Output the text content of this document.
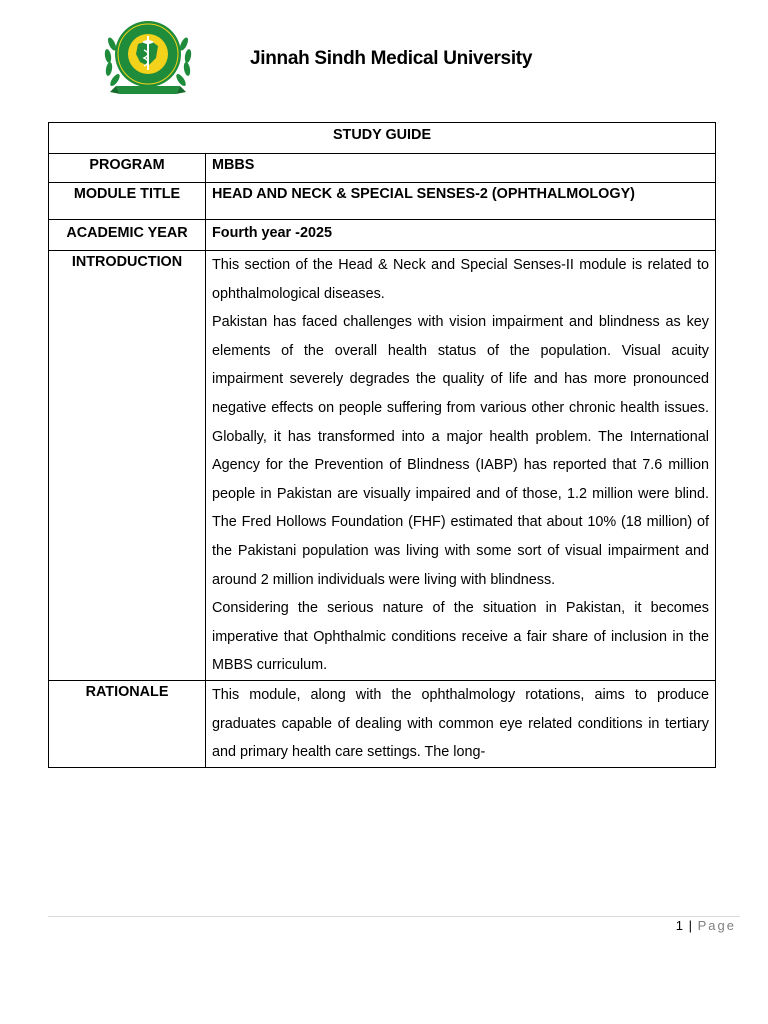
Jinnah Sindh Medical University
STUDY GUIDE	
PROGRAM	MBBS
MODULE TITLE	HEAD AND NECK & SPECIAL SENSES-2 (OPHTHALMOLOGY)
ACADEMIC YEAR	Fourth year -2025
INTRODUCTION	This section of the Head & Neck and Special Senses-II module is related to ophthalmological diseases.

Pakistan has faced challenges with vision impairment and blindness as key elements of the overall health status of the population. Visual acuity impairment severely degrades the quality of life and has more pronounced negative effects on people suffering from various other chronic health issues. Globally, it has transformed into a major health problem. The International Agency for the Prevention of Blindness (IABP) has reported that 7.6 million people in Pakistan are visually impaired and of those, 1.2 million were blind. The Fred Hollows Foundation (FHF) estimated that about 10% (18 million) of the Pakistani population was living with some sort of visual impairment and around 2 million individuals were living with blindness.

Considering the serious nature of the situation in Pakistan, it becomes imperative that Ophthalmic conditions receive a fair share of inclusion in the MBBS curriculum.

RATIONALE	This module, along with the ophthalmology rotations, aims to produce graduates capable of dealing with common eye related conditions in tertiary and primary health care settings. The long-

1 | Page
